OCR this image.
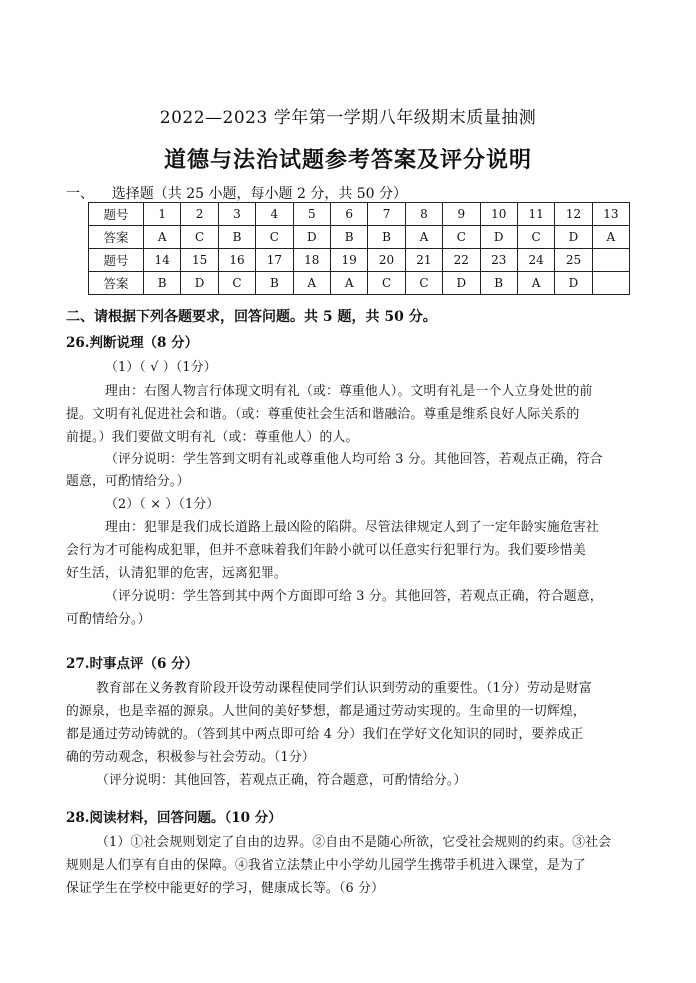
2022—2023 学年第一学期八年级期末质量抽测
道德与法治试题参考答案及评分说明
一、    选择题（共 25 小题，每小题 2 分，共 50 分）
题号	1	2	3	4	5	6	7	8	9	10	11	12	13
答案	A	C	B	C	D	B	B	A	C	D	C	D	A
题号	14	15	16	17	18	19	20	21	22	23	24	25	
答案	B	D	C	B	A	A	C	C	D	B	A	D	
二、请根据下列各题要求，回答问题。共 5 题，共 50 分。
26.判断说理（8 分）
（1）（ √ ）（1分）
理由：右图人物言行体现文明有礼（或：尊重他人）。文明有礼是一个人立身处世的前
提。文明有礼促进社会和谐。（或：尊重使社会生活和谐融洽。尊重是维系良好人际关系的
前提。）我们要做文明有礼（或：尊重他人）的人。
（评分说明：学生答到文明有礼或尊重他人均可给 3 分。其他回答，若观点正确，符合
题意，可酌情给分。）
（2）（ × ）（1分）
理由：犯罪是我们成长道路上最凶险的陷阱。尽管法律规定人到了一定年龄实施危害社
会行为才可能构成犯罪，但并不意味着我们年龄小就可以任意实行犯罪行为。我们要珍惜美
好生活，认清犯罪的危害，远离犯罪。
（评分说明：学生答到其中两个方面即可给 3 分。其他回答，若观点正确，符合题意，
可酌情给分。）
27.时事点评（6 分）
教育部在义务教育阶段开设劳动课程使同学们认识到劳动的重要性。（1分）劳动是财富
的源泉，也是幸福的源泉。人世间的美好梦想，都是通过劳动实现的。生命里的一切辉煌，
都是通过劳动铸就的。（答到其中两点即可给 4 分）我们在学好文化知识的同时，要养成正
确的劳动观念，积极参与社会劳动。（1分）
（评分说明：其他回答，若观点正确，符合题意，可酌情给分。）
28.阅读材料，回答问题。（10 分）
（1）①社会规则划定了自由的边界。②自由不是随心所欲，它受社会规则的约束。③社会
规则是人们享有自由的保障。④我省立法禁止中小学幼儿园学生携带手机进入课堂，是为了
保证学生在学校中能更好的学习，健康成长等。（6 分）
